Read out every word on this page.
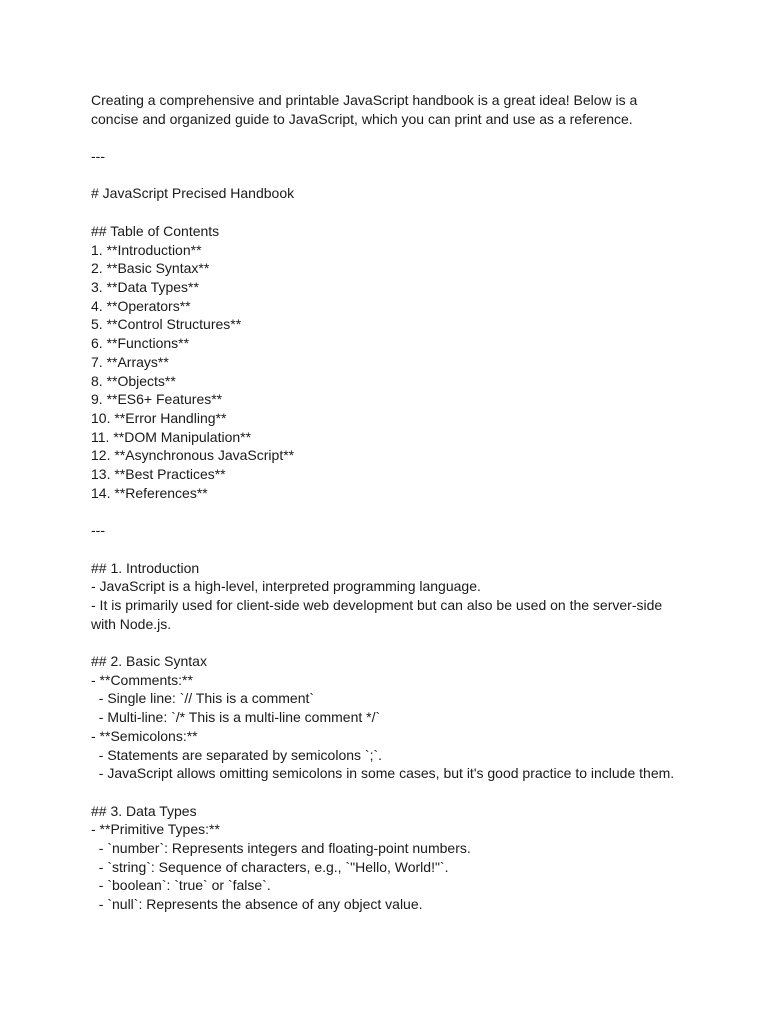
Creating a comprehensive and printable JavaScript handbook is a great idea! Below is a
concise and organized guide to JavaScript, which you can print and use as a reference.
---
# JavaScript Precised Handbook
## Table of Contents
1. **Introduction**
2. **Basic Syntax**
3. **Data Types**
4. **Operators**
5. **Control Structures**
6. **Functions**
7. **Arrays**
8. **Objects**
9. **ES6+ Features**
10. **Error Handling**
11. **DOM Manipulation**
12. **Asynchronous JavaScript**
13. **Best Practices**
14. **References**
---
## 1. Introduction
- JavaScript is a high-level, interpreted programming language.
- It is primarily used for client-side web development but can also be used on the server-side
with Node.js.
## 2. Basic Syntax
- **Comments:**
- Single line: `// This is a comment`
- Multi-line: `/* This is a multi-line comment */`
- **Semicolons:**
- Statements are separated by semicolons `;`.
- JavaScript allows omitting semicolons in some cases, but it's good practice to include them.
## 3. Data Types
- **Primitive Types:**
- `number`: Represents integers and floating-point numbers.
- `string`: Sequence of characters, e.g., `"Hello, World!"`.
- `boolean`: `true` or `false`.
- `null`: Represents the absence of any object value.
